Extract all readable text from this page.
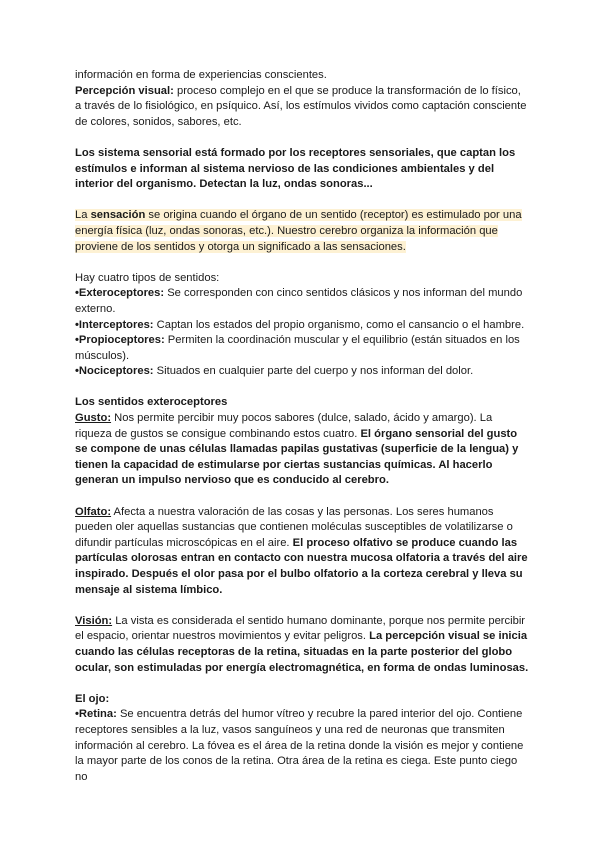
información en forma de experiencias conscientes.

Percepción visual: proceso complejo en el que se produce la transformación de lo físico, a través de lo fisiológico, en psíquico. Así, los estímulos vividos como captación consciente de colores, sonidos, sabores, etc.

Los sistema sensorial está formado por los receptores sensoriales, que captan los estímulos e informan al sistema nervioso de las condiciones ambientales y del interior del organismo. Detectan la luz, ondas sonoras...

La sensación se origina cuando el órgano de un sentido (receptor) es estimulado por una energía física (luz, ondas sonoras, etc.). Nuestro cerebro organiza la información que proviene de los sentidos y otorga un significado a las sensaciones.

Hay cuatro tipos de sentidos:

•Exteroceptores: Se corresponden con cinco sentidos clásicos y nos informan del mundo externo.

•Interceptores: Captan los estados del propio organismo, como el cansancio o el hambre.

•Propioceptores: Permiten la coordinación muscular y el equilibrio (están situados en los músculos).

•Nociceptores: Situados en cualquier parte del cuerpo y nos informan del dolor.

Los sentidos exteroceptores

Gusto: Nos permite percibir muy pocos sabores (dulce, salado, ácido y amargo). La riqueza de gustos se consigue combinando estos cuatro. El órgano sensorial del gusto se compone de unas células llamadas papilas gustativas (superficie de la lengua) y tienen la capacidad de estimularse por ciertas sustancias químicas. Al hacerlo generan un impulso nervioso que es conducido al cerebro.

Olfato: Afecta a nuestra valoración de las cosas y las personas. Los seres humanos pueden oler aquellas sustancias que contienen moléculas susceptibles de volatilizarse o difundir partículas microscópicas en el aire. El proceso olfativo se produce cuando las partículas olorosas entran en contacto con nuestra mucosa olfatoria a través del aire inspirado. Después el olor pasa por el bulbo olfatorio a la corteza cerebral y lleva su mensaje al sistema límbico.

Visión: La vista es considerada el sentido humano dominante, porque nos permite percibir el espacio, orientar nuestros movimientos y evitar peligros. La percepción visual se inicia cuando las células receptoras de la retina, situadas en la parte posterior del globo ocular, son estimuladas por energía electromagnética, en forma de ondas luminosas.

El ojo:

•Retina: Se encuentra detrás del humor vítreo y recubre la pared interior del ojo. Contiene receptores sensibles a la luz, vasos sanguíneos y una red de neuronas que transmiten información al cerebro. La fóvea es el área de la retina donde la visión es mejor y contiene la mayor parte de los conos de la retina. Otra área de la retina es ciega. Este punto ciego no
